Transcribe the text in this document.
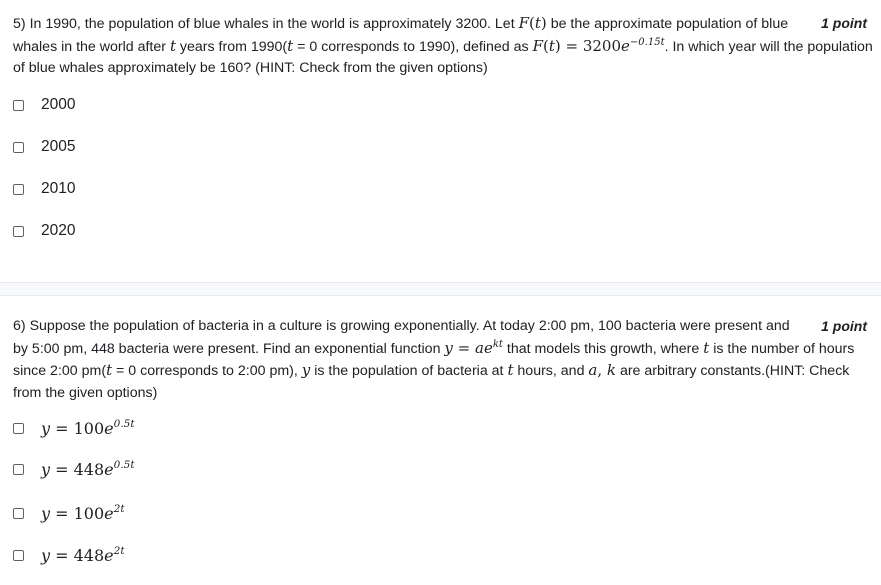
1 point
5) In 1990, the population of blue whales in the world is approximately 3200. Let F(t) be the approximate population of blue whales in the world after t years from 1990(t = 0 corresponds to 1990), defined as $F(t) = 3200e^{-0.15t}$. In which year will the population of blue whales approximately be 160? (HINT: Check from the given options)
2000
2005
2010
2020
1 point
6) Suppose the population of bacteria in a culture is growing exponentially. At today 2:00 pm, 100 bacteria were present and by 5:00 pm, 448 bacteria were present. Find an exponential function $y = ae^{kt}$ that models this growth, where t is the number of hours since 2:00 pm(t = 0 corresponds to 2:00 pm), y is the population of bacteria at t hours, and a, k are arbitrary constants.(HINT: Check from the given options)
$y = 100e^{0.5t}$
$y = 448e^{0.5t}$
$y = 100e^{2t}$
$y = 448e^{2t}$
